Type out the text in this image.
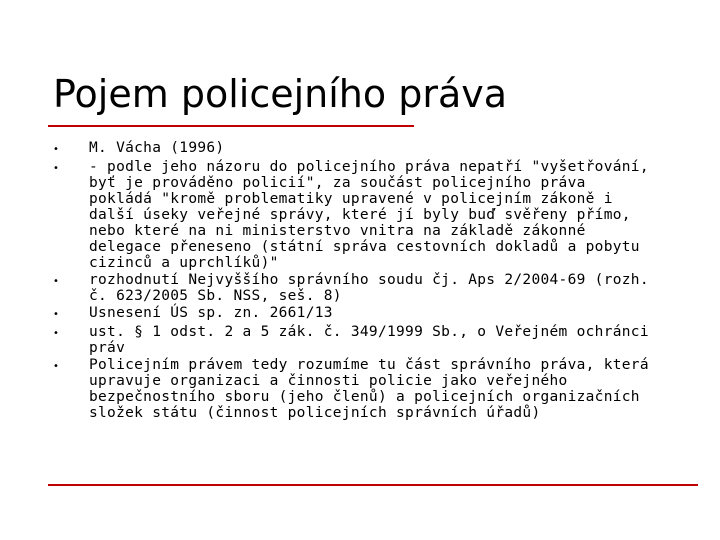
Pojem policejního práva
•	M. Vácha (1996)
•	- podle jeho názoru do policejního práva nepatří "vyšetřování, byť je prováděno policií", za součást policejního práva pokládá "kromě problematiky upravené v policejním zákoně i další úseky veřejné správy, které jí byly buď svěřeny přímo, nebo které na ni ministerstvo vnitra na základě zákonné delegace přeneseno (státní správa cestovních dokladů a pobytu cizinců a uprchlíků)"
•	rozhodnutí Nejvyššího správního soudu čj. Aps 2/2004-69 (rozh. č. 623/2005 Sb. NSS, seš. 8)
•	Usnesení ÚS sp. zn. 2661/13
•	ust. § 1 odst. 2 a 5 zák. č. 349/1999 Sb., o Veřejném ochránci práv
•	Policejním právem tedy rozumíme tu část správního práva, která upravuje organizaci a činnosti policie jako veřejného bezpečnostního sboru (jeho členů) a policejních organizačních složek státu (činnost policejních správních úřadů)
